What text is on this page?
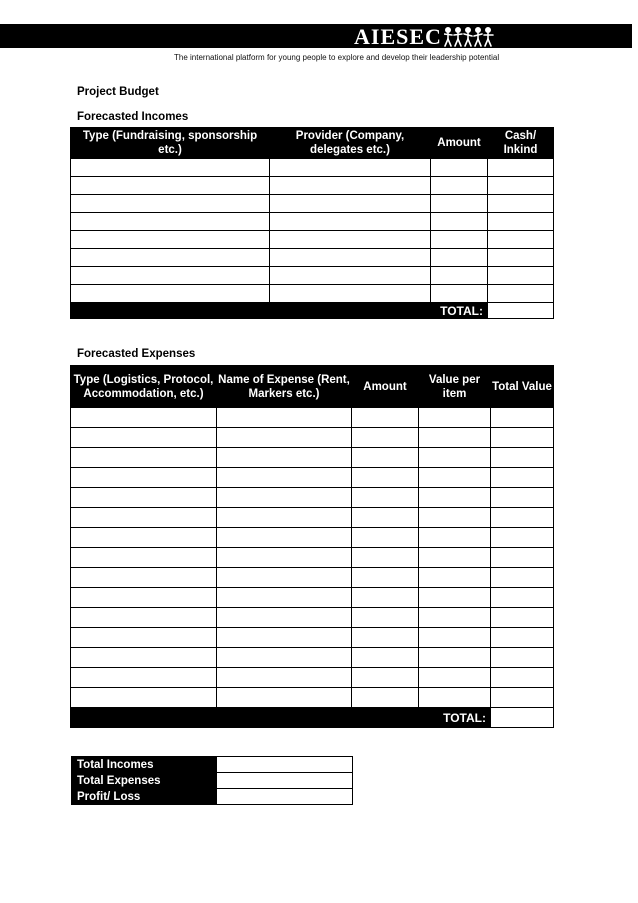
AIESEC
The international platform for young people to explore and develop their leadership potential
Project Budget
Forecasted Incomes
Type (Fundraising, sponsorship etc.)	Provider (Company, delegates etc.)	Amount	Cash/ Inkind

TOTAL:			
Forecasted Expenses
Type (Logistics, Protocol, Accommodation, etc.)	Name of Expense (Rent, Markers etc.)	Amount	Value per item	Total Value

TOTAL:				
Total Incomes	
Total Expenses	
Profit/ Loss	
